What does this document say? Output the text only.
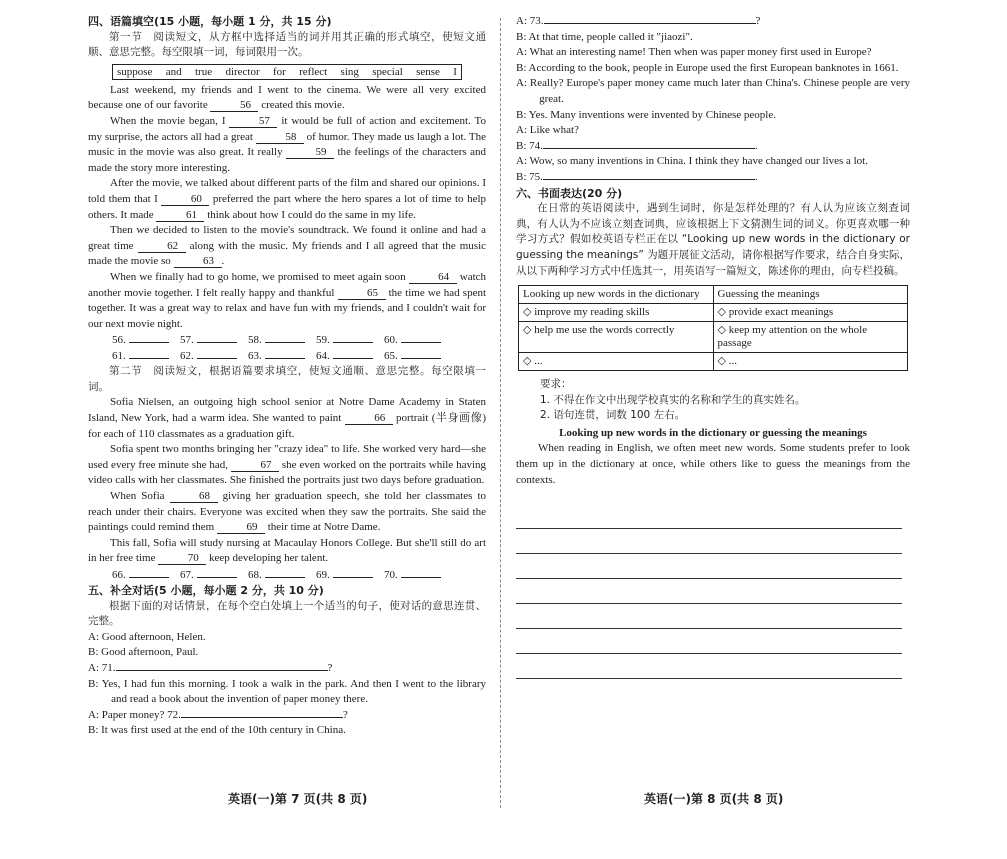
四、语篇填空(15 小题，每小题 1 分，共 15 分)

第一节　阅读短文，从方框中选择适当的词并用其正确的形式填空，使短文通顺、意思完整。每空限填一词，每词限用一次。

suppose and true director for reflect sing special sense I

Last weekend, my friends and I went to the cinema. We were all very excited because one of our favorite	56 created this movie.

When the movie began, I	57 it would be full of action and excitement. To my surprise, the actors all had a great	58 of humor. They made us laugh a lot. The music in the movie was also great. It really	59 the feelings of the characters and made the story more interesting.

After the movie, we talked about different parts of the film and shared our opinions. I told them that I	60 preferred the part where the hero spares a lot of time to help others. It made	61 think about how I could do the same in my life.

Then we decided to listen to the movie's soundtrack. We found it online and had a great time	62 along with the music. My friends and I all agreed that the music made the movie so	63 .

When we finally had to go home, we promised to meet again soon	64 watch another movie together. I felt really happy and thankful	65 the time we had spent together. It was a great way to relax and have fun with my friends, and I couldn't wait for our next movie night.

56.	57.	58.	59.	60.
61.	62.	63.	64.	65.

第二节　阅读短文，根据语篇要求填空，使短文通顺、意思完整。每空限填一词。

Sofia Nielsen, an outgoing high school senior at Notre Dame Academy in Staten Island, New York, had a warm idea. She wanted to paint	66 portrait (半身画像) for each of 110 classmates as a graduation gift.

Sofia spent two months bringing her "crazy idea" to life. She worked very hard—she used every free minute she had,	67 she even worked on the portraits while having video calls with her classmates. She finished the portraits just two days before graduation.

When Sofia	68 giving her graduation speech, she told her classmates to reach under their chairs. Everyone was excited when they saw the portraits. She said the paintings could remind them	69 their time at Notre Dame.

This fall, Sofia will study nursing at Macaulay Honors College. But she'll still do art in her free time	70 keep developing her talent.

66.	67.	68.	69.	70.

五、补全对话(5 小题，每小题 2 分，共 10 分)

根据下面的对话情景，在每个空白处填上一个适当的句子，使对话的意思连贯、完整。

A: Good afternoon, Helen.

B: Good afternoon, Paul.

A: 71.	?

B: Yes, I had fun this morning. I took a walk in the park. And then I went to the library and read a book about the invention of paper money there.

A: Paper money? 72.	?

B: It was first used at the end of the 10th century in China.

英语(一)第 7 页(共 8 页)

A: 73.	?

B: At that time, people called it "jiaozi".

A: What an interesting name! Then when was paper money first used in Europe?

B: According to the book, people in Europe used the first European banknotes in 1661.

A: Really? Europe's paper money came much later than China's. Chinese people are very great.

B: Yes. Many inventions were invented by Chinese people.

A: Like what?

B: 74.	.

A: Wow, so many inventions in China. I think they have changed our lives a lot.

B: 75.	.

六、书面表达(20 分)

在日常的英语阅读中，遇到生词时，你是怎样处理的？有人认为应该立刻查词典，有人认为不应该立刻查词典，应该根据上下文猜测生词的词义。你更喜欢哪一种学习方式？假如校英语专栏正在以 “Looking up new words in the dictionary or guessing the meanings” 为题开展征文活动，请你根据写作要求，结合自身实际，从以下两种学习方式中任选其一，用英语写一篇短文，陈述你的理由，向专栏投稿。

Looking up new words in the dictionary	Guessing the meanings
◇ improve my reading skills	◇ provide exact meanings
◇ help me use the words correctly	◇ keep my attention on the whole passage
◇ ...	◇ ...

要求：

1. 不得在作文中出现学校真实的名称和学生的真实姓名。

2. 语句连贯，词数 100 左右。

Looking up new words in the dictionary or guessing the meanings

When reading in English, we often meet new words. Some students prefer to look them up in the dictionary at once, while others like to guess the meanings from the contexts.

英语(一)第 8 页(共 8 页)
